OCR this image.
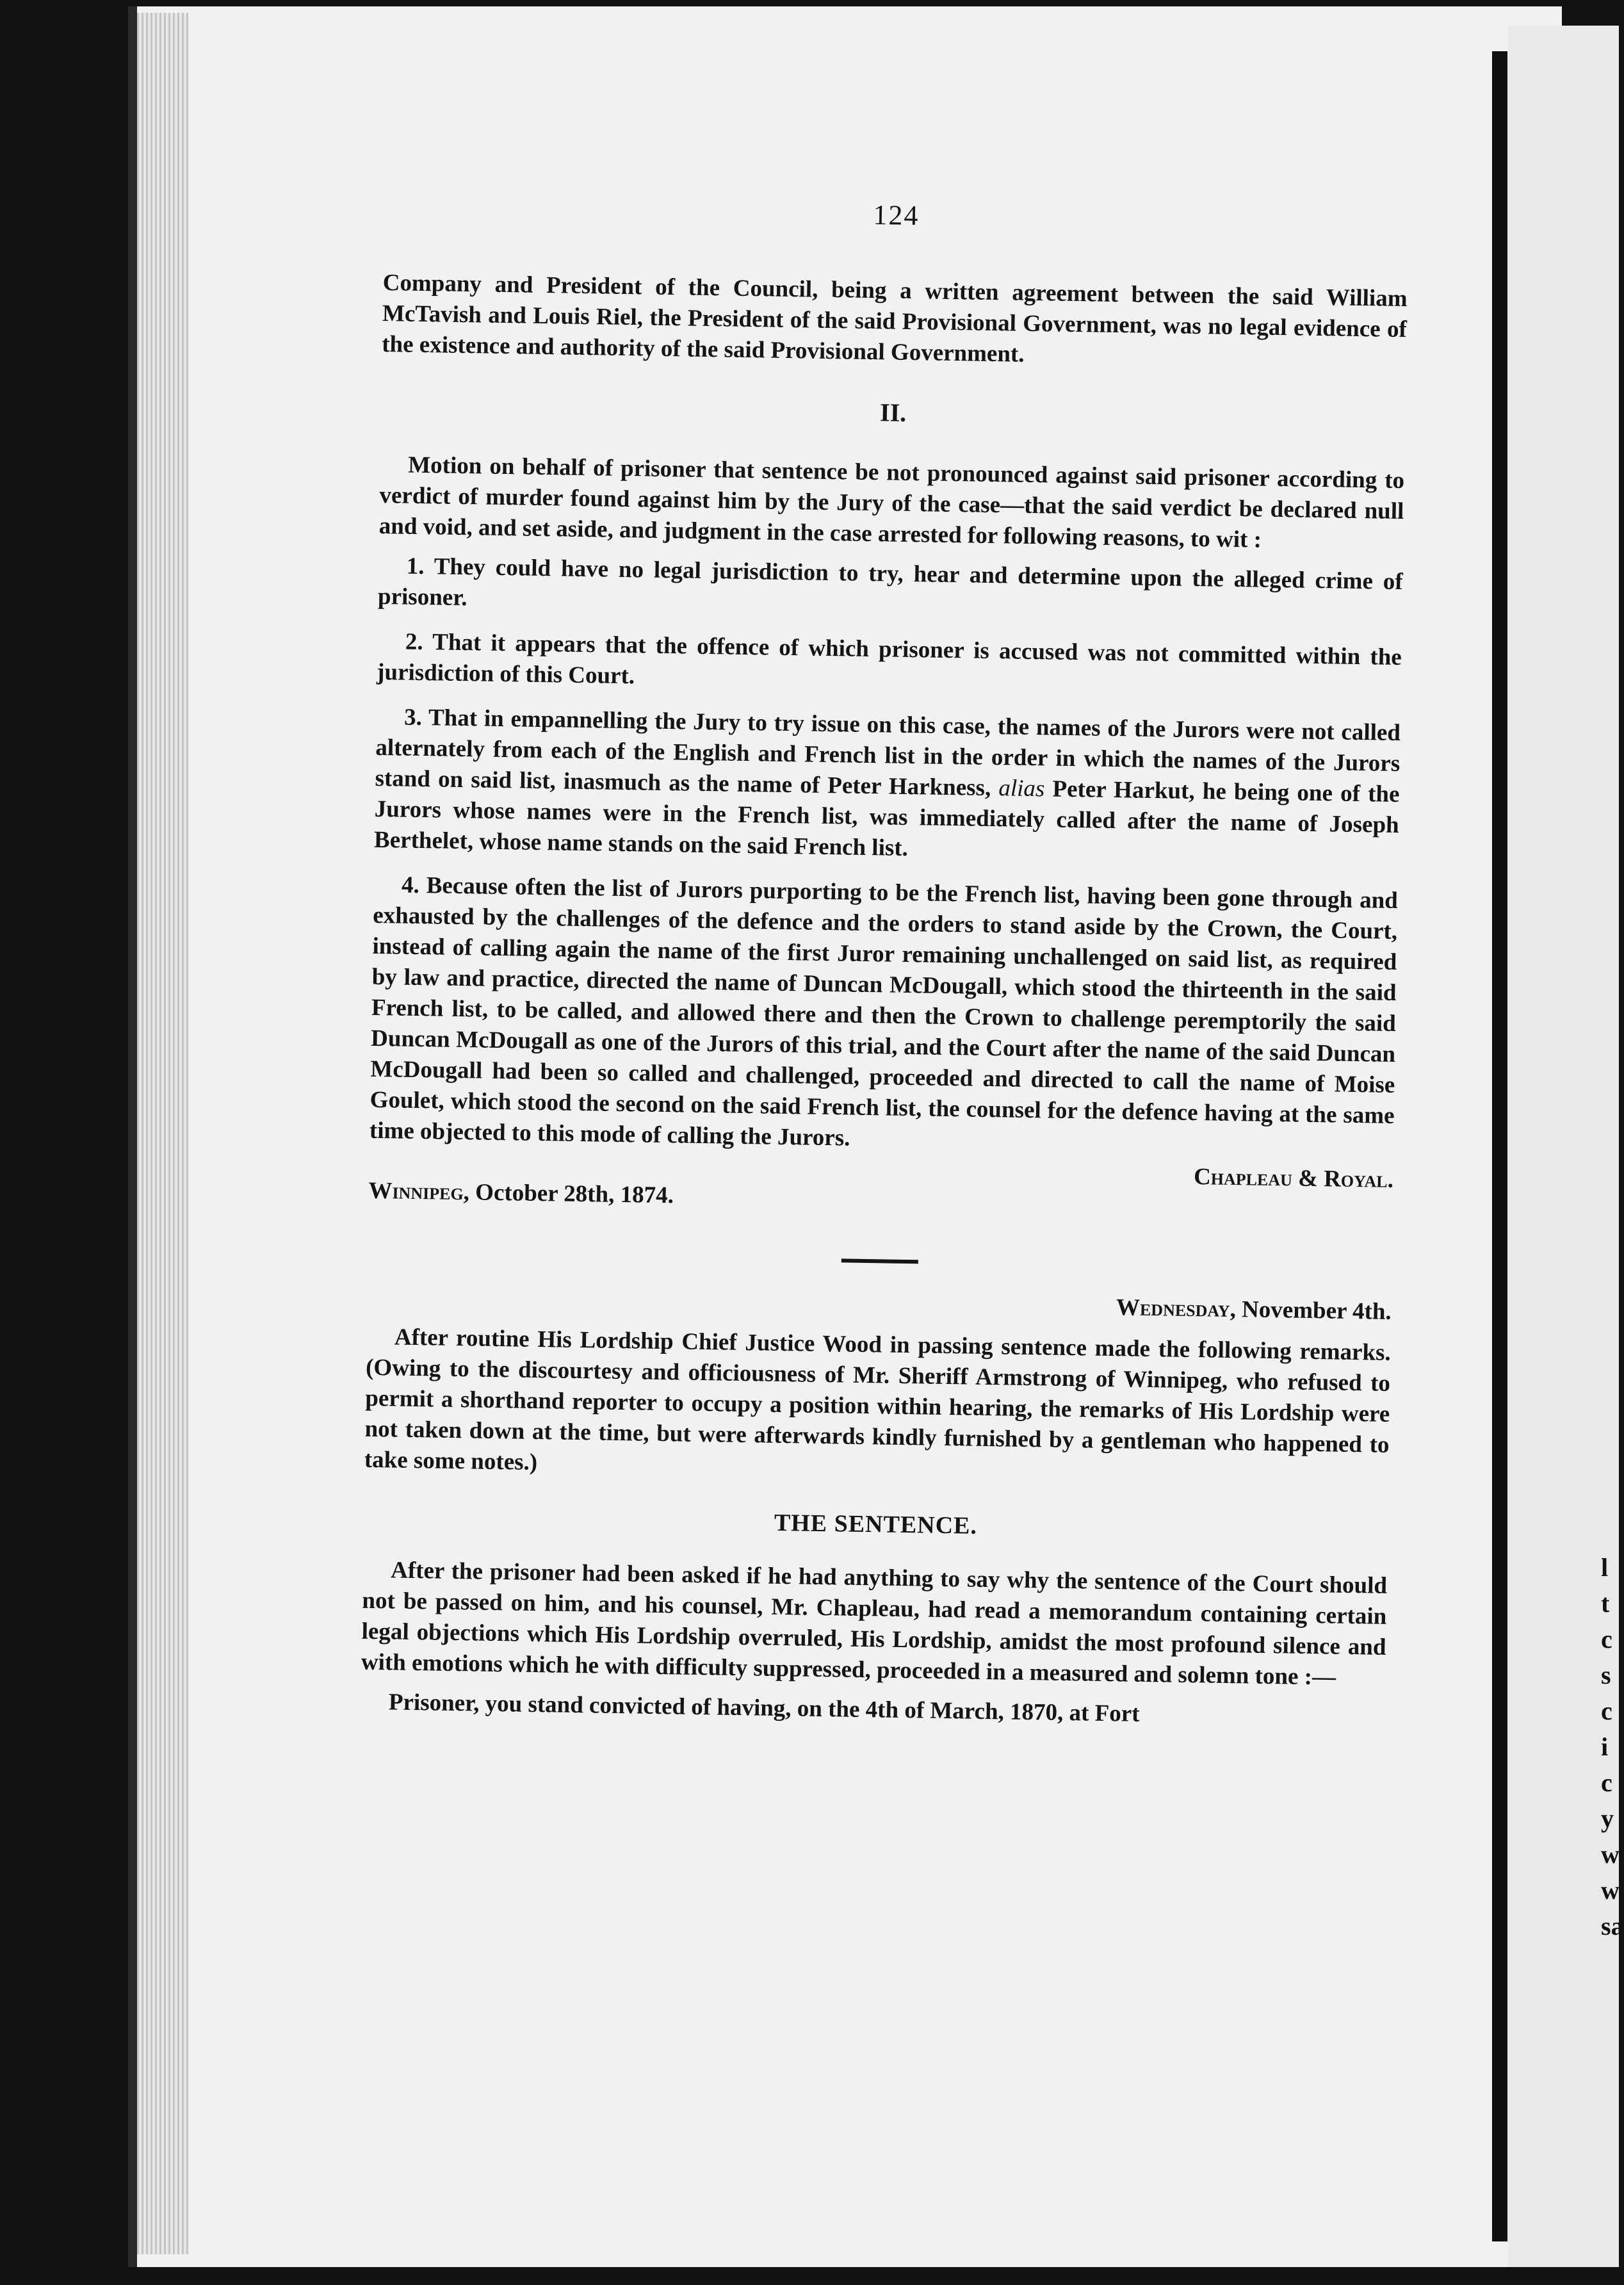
l
t
c
s
c
i
c
y
w
w
sa
124

Company and President of the Council, being a written agreement between the said William McTavish and Louis Riel, the President of the said Provisional Government, was no legal evidence of the existence and authority of the said Provisional Government.

II.

Motion on behalf of prisoner that sentence be not pronounced against said prisoner according to verdict of murder found against him by the Jury of the case—that the said verdict be declared null and void, and set aside, and judgment in the case arrested for following reasons, to wit :

1. They could have no legal jurisdiction to try, hear and determine upon the alleged crime of prisoner.

2. That it appears that the offence of which prisoner is accused was not committed within the jurisdiction of this Court.

3. That in empannelling the Jury to try issue on this case, the names of the Jurors were not called alternately from each of the English and French list in the order in which the names of the Jurors stand on said list, inasmuch as the name of Peter Harkness, alias Peter Harkut, he being one of the Jurors whose names were in the French list, was immediately called after the name of Joseph Berthelet, whose name stands on the said French list.

4. Because often the list of Jurors purporting to be the French list, having been gone through and exhausted by the challenges of the defence and the orders to stand aside by the Crown, the Court, instead of calling again the name of the first Juror remaining unchallenged on said list, as required by law and practice, directed the name of Duncan McDougall, which stood the thirteenth in the said French list, to be called, and allowed there and then the Crown to challenge peremptorily the said Duncan McDougall as one of the Jurors of this trial, and the Court after the name of the said Duncan McDougall had been so called and challenged, proceeded and directed to call the name of Moise Goulet, which stood the second on the said French list, the counsel for the defence having at the same time objected to this mode of calling the Jurors.

Chapleau & Royal.
Winnipeg, October 28th, 1874.
Wednesday, November 4th.

After routine His Lordship Chief Justice Wood in passing sentence made the following remarks. (Owing to the discourtesy and officiousness of Mr. Sheriff Armstrong of Winnipeg, who refused to permit a shorthand reporter to occupy a position within hearing, the remarks of His Lordship were not taken down at the time, but were afterwards kindly furnished by a gentleman who happened to take some notes.)

THE SENTENCE.

After the prisoner had been asked if he had anything to say why the sentence of the Court should not be passed on him, and his counsel, Mr. Chapleau, had read a memorandum containing certain legal objections which His Lordship overruled, His Lordship, amidst the most profound silence and with emotions which he with difficulty suppressed, proceeded in a measured and solemn tone :—

Prisoner, you stand convicted of having, on the 4th of March, 1870, at Fort
